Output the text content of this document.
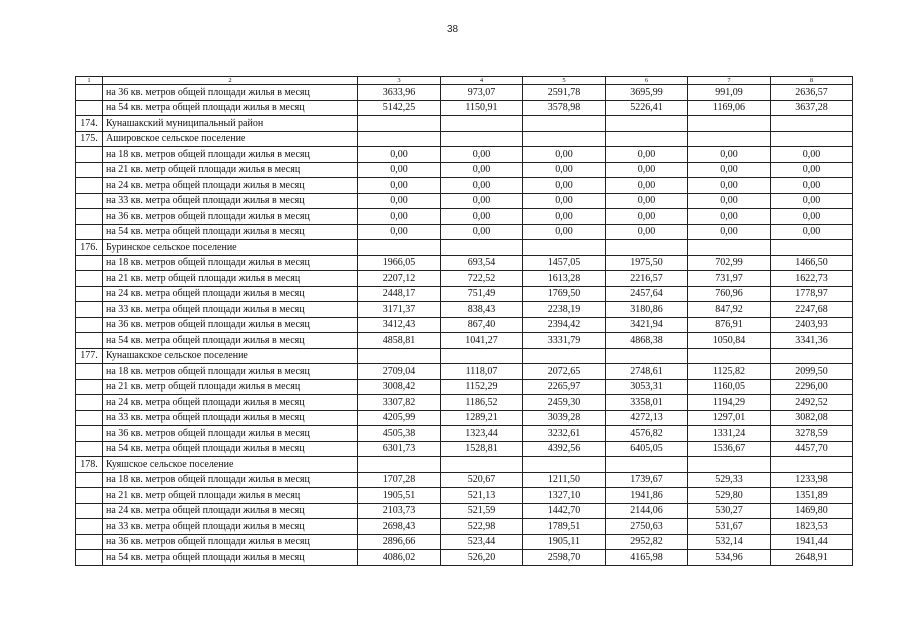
38
1	2	3	4	5	6	7	8
	на 36 кв. метров общей площади жилья в месяц	3633,96	973,07	2591,78	3695,99	991,09	2636,57
	на 54 кв. метра общей площади жилья в месяц	5142,25	1150,91	3578,98	5226,41	1169,06	3637,28
174.	Кунашакский муниципальный район						
175.	Ашировское сельское поселение						
	на 18 кв. метров общей площади жилья в месяц	0,00	0,00	0,00	0,00	0,00	0,00
	на 21 кв. метр общей площади жилья в месяц	0,00	0,00	0,00	0,00	0,00	0,00
	на 24 кв. метра общей площади жилья в месяц	0,00	0,00	0,00	0,00	0,00	0,00
	на 33 кв. метра общей площади жилья в месяц	0,00	0,00	0,00	0,00	0,00	0,00
	на 36 кв. метров общей площади жилья в месяц	0,00	0,00	0,00	0,00	0,00	0,00
	на 54 кв. метра общей площади жилья в месяц	0,00	0,00	0,00	0,00	0,00	0,00
176.	Буринское сельское поселение						
	на 18 кв. метров общей площади жилья в месяц	1966,05	693,54	1457,05	1975,50	702,99	1466,50
	на 21 кв. метр общей площади жилья в месяц	2207,12	722,52	1613,28	2216,57	731,97	1622,73
	на 24 кв. метра общей площади жилья в месяц	2448,17	751,49	1769,50	2457,64	760,96	1778,97
	на 33 кв. метра общей площади жилья в месяц	3171,37	838,43	2238,19	3180,86	847,92	2247,68
	на 36 кв. метров общей площади жилья в месяц	3412,43	867,40	2394,42	3421,94	876,91	2403,93
	на 54 кв. метра общей площади жилья в месяц	4858,81	1041,27	3331,79	4868,38	1050,84	3341,36
177.	Кунашакское сельское поселение						
	на 18 кв. метров общей площади жилья в месяц	2709,04	1118,07	2072,65	2748,61	1125,82	2099,50
	на 21 кв. метр общей площади жилья в месяц	3008,42	1152,29	2265,97	3053,31	1160,05	2296,00
	на 24 кв. метра общей площади жилья в месяц	3307,82	1186,52	2459,30	3358,01	1194,29	2492,52
	на 33 кв. метра общей площади жилья в месяц	4205,99	1289,21	3039,28	4272,13	1297,01	3082,08
	на 36 кв. метров общей площади жилья в месяц	4505,38	1323,44	3232,61	4576,82	1331,24	3278,59
	на 54 кв. метра общей площади жилья в месяц	6301,73	1528,81	4392,56	6405,05	1536,67	4457,70
178.	Куяшское сельское поселение						
	на 18 кв. метров общей площади жилья в месяц	1707,28	520,67	1211,50	1739,67	529,33	1233,98
	на 21 кв. метр общей площади жилья в месяц	1905,51	521,13	1327,10	1941,86	529,80	1351,89
	на 24 кв. метра общей площади жилья в месяц	2103,73	521,59	1442,70	2144,06	530,27	1469,80
	на 33 кв. метра общей площади жилья в месяц	2698,43	522,98	1789,51	2750,63	531,67	1823,53
	на 36 кв. метров общей площади жилья в месяц	2896,66	523,44	1905,11	2952,82	532,14	1941,44
	на 54 кв. метра общей площади жилья в месяц	4086,02	526,20	2598,70	4165,98	534,96	2648,91
